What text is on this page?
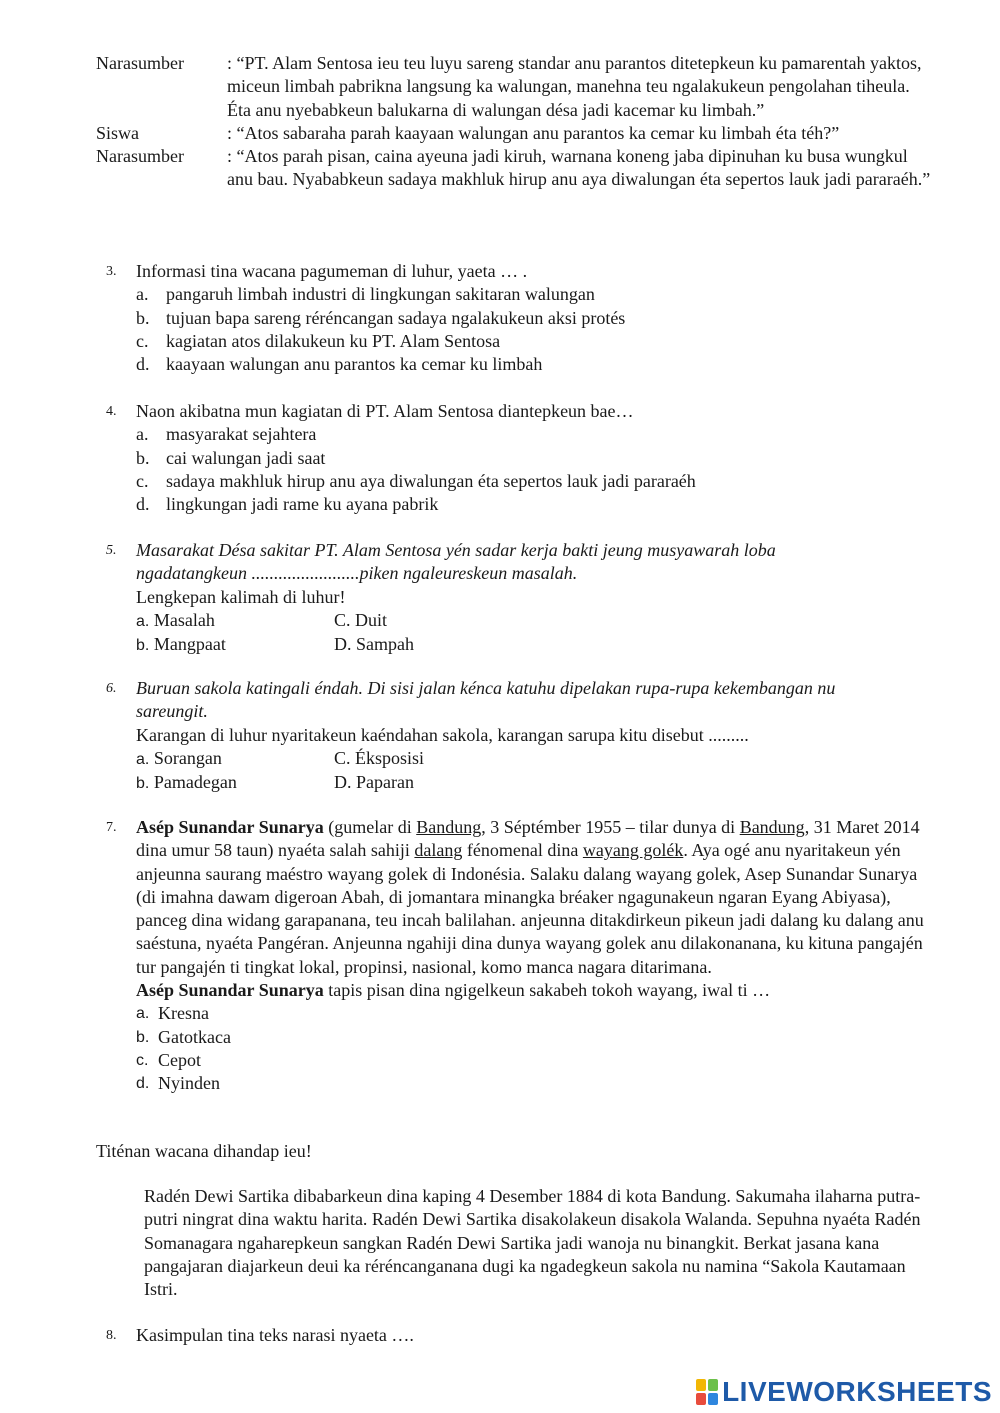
Narasumber	: “PT. Alam Sentosa ieu teu luyu sareng standar anu parantos ditetepkeun ku pamarentah yaktos, miceun limbah pabrikna langsung ka walungan, manehna teu ngalakukeun pengolahan tiheula. Éta anu nyebabkeun balukarna di walungan désa jadi kacemar ku limbah.”
Siswa	: “Atos sabaraha parah kaayaan walungan anu parantos ka cemar ku limbah éta téh?”
Narasumber	: “Atos parah pisan, caina ayeuna jadi kiruh, warnana koneng jaba dipinuhan ku busa wungkul anu bau. Nyababkeun sadaya makhluk hirup anu aya diwalungan éta sepertos lauk jadi pararaéh.”
3.	Informasi tina wacana pagumeman di luhur, yaeta … .
a. pangaruh limbah industri di lingkungan sakitaran walungan
b. tujuan bapa sareng réréncangan sadaya ngalakukeun aksi protés
c. kagiatan atos dilakukeun ku PT. Alam Sentosa
d. kaayaan walungan anu parantos ka cemar ku limbah
4.	Naon akibatna mun kagiatan di PT. Alam Sentosa diantepkeun bae…
a. masyarakat sejahtera
b. cai walungan jadi saat
c. sadaya makhluk hirup anu aya diwalungan éta sepertos lauk jadi pararaéh
d. lingkungan jadi rame ku ayana pabrik
5.	Masarakat Désa sakitar PT. Alam Sentosa yén sadar kerja bakti jeung musyawarah loba
ngadatangkeun ........................piken ngaleureskeun masalah.
Lengkepan kalimah di luhur!
a. Masalah	C. Duit
b. Mangpaat	D. Sampah
6.	Buruan sakola katingali éndah. Di sisi jalan kénca katuhu dipelakan rupa-rupa kekembangan nu
sareungit.
Karangan di luhur nyaritakeun kaéndahan sakola, karangan sarupa kitu disebut .........
a. Sorangan	C. Éksposisi
b. Pamadegan	D. Paparan
7.	Asép Sunandar Sunarya (gumelar di Bandung, 3 Séptémber 1955 – tilar dunya di Bandung, 31 Maret 2014 dina umur 58 taun) nyaéta salah sahiji dalang fénomenal dina wayang golék. Aya ogé anu nyaritakeun yén anjeunna saurang maéstro wayang golek di Indonésia. Salaku dalang wayang golek, Asep Sunandar Sunarya (di imahna dawam digeroan Abah, di jomantara minangka bréaker ngagunakeun ngaran Eyang Abiyasa), panceg dina widang garapanana, teu incah balilahan. anjeunna ditakdirkeun pikeun jadi dalang ku dalang anu saéstuna, nyaéta Pangéran. Anjeunna ngahiji dina dunya wayang golek anu dilakonanana, ku kituna pangajén tur pangajén ti tingkat lokal, propinsi, nasional, komo manca nagara ditarimana.
Asép Sunandar Sunarya tapis pisan dina ngigelkeun sakabeh tokoh wayang, iwal ti …
a. Kresna
b. Gatotkaca
c. Cepot
d. Nyinden
Titénan wacana dihandap ieu!
Radén Dewi Sartika dibabarkeun dina kaping 4 Desember 1884 di kota Bandung. Sakumaha ilaharna putra-putri ningrat dina waktu harita. Radén Dewi Sartika disakolakeun disakola Walanda. Sepuhna nyaéta Radén Somanagara ngaharepkeun sangkan Radén Dewi Sartika jadi wanoja nu binangkit. Berkat jasana kana pangajaran diajarkeun deui ka réréncanganana dugi ka ngadegkeun sakola nu namina “Sakola Kautamaan Istri.
8.	Kasimpulan tina teks narasi nyaeta ….
LIVEWORKSHEETS
